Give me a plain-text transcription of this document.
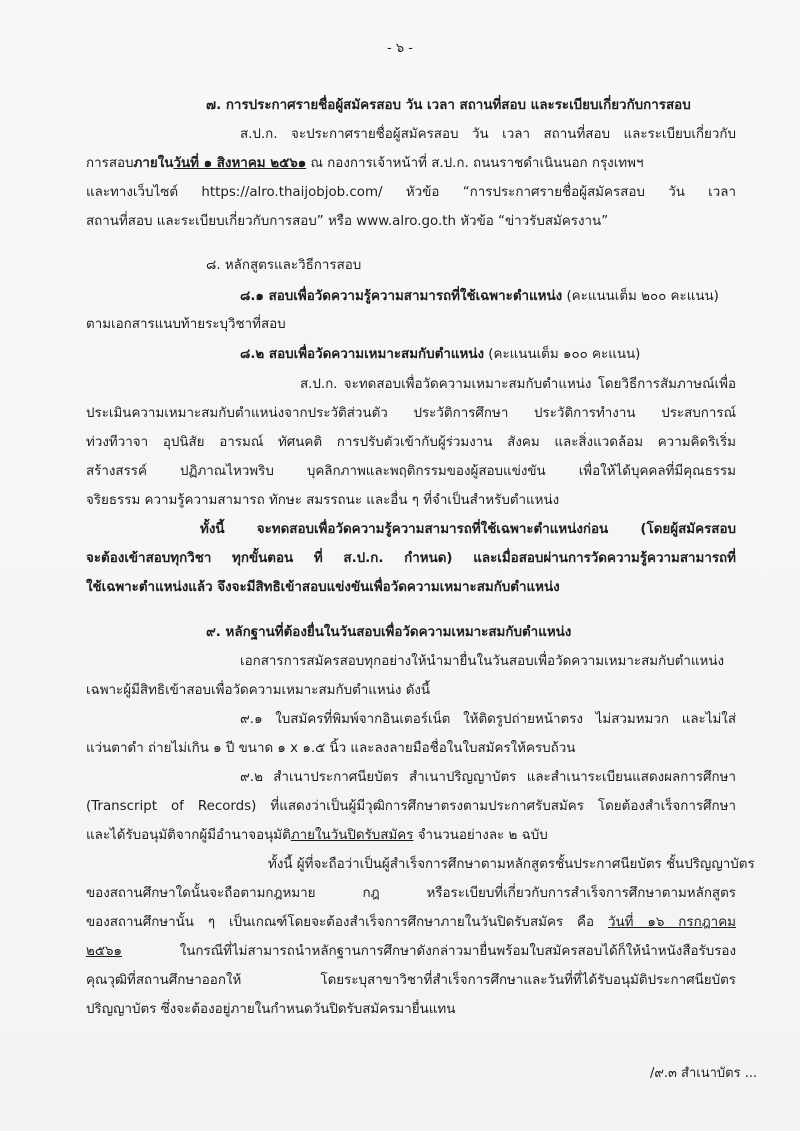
- ๖ -
๗. การประกาศรายชื่อผู้สมัครสอบ วัน เวลา สถานที่สอบ และระเบียบเกี่ยวกับการสอบ
ส.ป.ก. จะประกาศรายชื่อผู้สมัครสอบ วัน เวลา สถานที่สอบ และระเบียบเกี่ยวกับ
การสอบภายในวันที่ ๑ สิงหาคม ๒๕๖๑ ณ กองการเจ้าหน้าที่ ส.ป.ก. ถนนราชดำเนินนอก กรุงเทพฯ
และทางเว็บไซต์ https://alro.thaijobjob.com/ หัวข้อ “การประกาศรายชื่อผู้สมัครสอบ วัน เวลา
สถานที่สอบ และระเบียบเกี่ยวกับการสอบ” หรือ www.alro.go.th หัวข้อ “ข่าวรับสมัครงาน”
๘. หลักสูตรและวิธีการสอบ
๘.๑ สอบเพื่อวัดความรู้ความสามารถที่ใช้เฉพาะตำแหน่ง (คะแนนเต็ม ๒๐๐ คะแนน)
ตามเอกสารแนบท้ายระบุวิชาที่สอบ
๘.๒ สอบเพื่อวัดความเหมาะสมกับตำแหน่ง (คะแนนเต็ม ๑๐๐ คะแนน)
ส.ป.ก. จะทดสอบเพื่อวัดความเหมาะสมกับตำแหน่ง โดยวิธีการสัมภาษณ์เพื่อ
ประเมินความเหมาะสมกับตำแหน่งจากประวัติส่วนตัว ประวัติการศึกษา ประวัติการทำงาน ประสบการณ์
ท่วงทีวาจา อุปนิสัย อารมณ์ ทัศนคติ การปรับตัวเข้ากับผู้ร่วมงาน สังคม และสิ่งแวดล้อม ความคิดริเริ่ม
สร้างสรรค์ ปฏิภาณไหวพริบ บุคลิกภาพและพฤติกรรมของผู้สอบแข่งขัน เพื่อให้ได้บุคคลที่มีคุณธรรม
จริยธรรม ความรู้ความสามารถ ทักษะ สมรรถนะ และอื่น ๆ ที่จำเป็นสำหรับตำแหน่ง
ทั้งนี้ จะทดสอบเพื่อวัดความรู้ความสามารถที่ใช้เฉพาะตำแหน่งก่อน (โดยผู้สมัครสอบ
จะต้องเข้าสอบทุกวิชา ทุกขั้นตอน ที่ ส.ป.ก. กำหนด) และเมื่อสอบผ่านการวัดความรู้ความสามารถที่
ใช้เฉพาะตำแหน่งแล้ว จึงจะมีสิทธิเข้าสอบแข่งขันเพื่อวัดความเหมาะสมกับตำแหน่ง
๙. หลักฐานที่ต้องยื่นในวันสอบเพื่อวัดความเหมาะสมกับตำแหน่ง
เอกสารการสมัครสอบทุกอย่างให้นำมายื่นในวันสอบเพื่อวัดความเหมาะสมกับตำแหน่ง
เฉพาะผู้มีสิทธิเข้าสอบเพื่อวัดความเหมาะสมกับตำแหน่ง ดังนี้
๙.๑ ใบสมัครที่พิมพ์จากอินเตอร์เน็ต ให้ติดรูปถ่ายหน้าตรง ไม่สวมหมวก และไม่ใส่
แว่นตาดำ ถ่ายไม่เกิน ๑ ปี ขนาด ๑ x ๑.๕ นิ้ว และลงลายมือชื่อในใบสมัครให้ครบถ้วน
๙.๒ สำเนาประกาศนียบัตร สำเนาปริญญาบัตร และสำเนาระเบียนแสดงผลการศึกษา
(Transcript of Records) ที่แสดงว่าเป็นผู้มีวุฒิการศึกษาตรงตามประกาศรับสมัคร โดยต้องสำเร็จการศึกษา
และได้รับอนุมัติจากผู้มีอำนาจอนุมัติภายในวันปิดรับสมัคร จำนวนอย่างละ ๒ ฉบับ
ทั้งนี้ ผู้ที่จะถือว่าเป็นผู้สำเร็จการศึกษาตามหลักสูตรชั้นประกาศนียบัตร ชั้นปริญญาบัตร
ของสถานศึกษาใดนั้นจะถือตามกฎหมาย กฎ หรือระเบียบที่เกี่ยวกับการสำเร็จการศึกษาตามหลักสูตร
ของสถานศึกษานั้น ๆ เป็นเกณฑ์โดยจะต้องสำเร็จการศึกษาภายในวันปิดรับสมัคร คือ วันที่ ๑๖ กรกฎาคม
๒๕๖๑ ในกรณีที่ไม่สามารถนำหลักฐานการศึกษาดังกล่าวมายื่นพร้อมใบสมัครสอบได้ก็ให้นำหนังสือรับรอง
คุณวุฒิที่สถานศึกษาออกให้ โดยระบุสาขาวิชาที่สำเร็จการศึกษาและวันที่ที่ได้รับอนุมัติประกาศนียบัตร
ปริญญาบัตร ซึ่งจะต้องอยู่ภายในกำหนดวันปิดรับสมัครมายื่นแทน
/๙.๓ สำเนาบัตร ...
